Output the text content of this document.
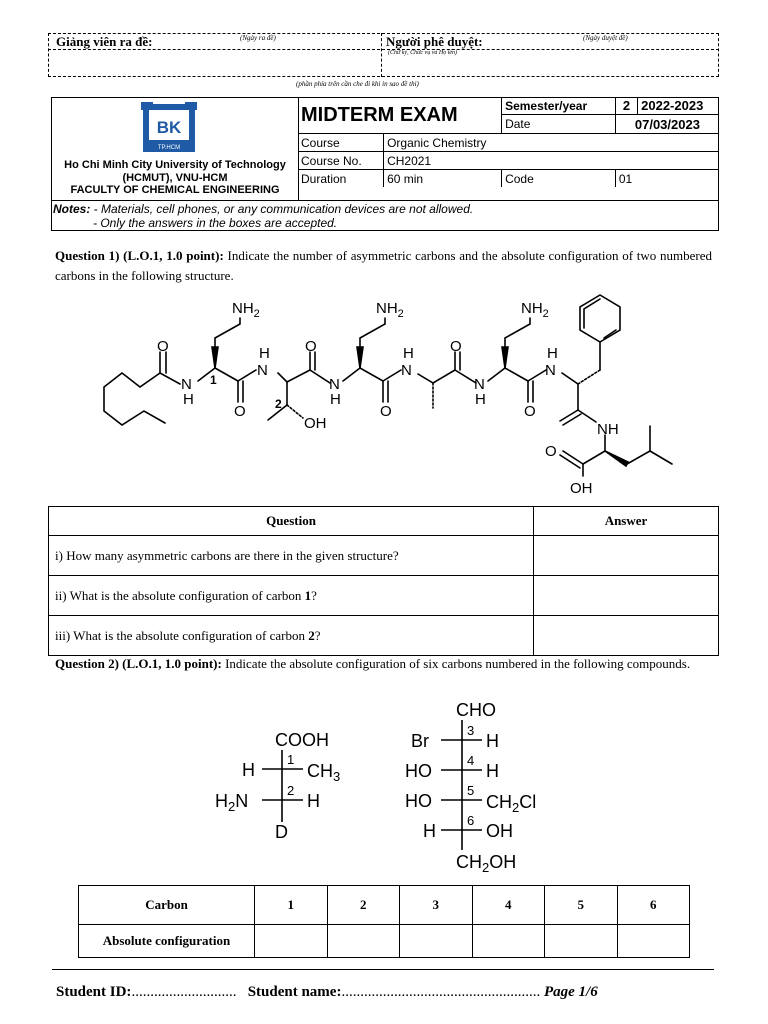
Giảng viên ra đề:	(Ngày ra đề)	Người phê duyệt:
(Chữ ký, Chức vụ và Họ tên)
(Ngày duyệt đề)
(phần phía trên cần che đi khi in sao đề thi)
BK
TP.HCM
Ho Chi Minh City University of Technology
(HCMUT), VNU-HCM
FACULTY OF CHEMICAL ENGINEERING
MIDTERM EXAM		Semester/year	2	2022-2023
		Date	07/03/2023	
Course	Organic Chemistry			
Course No.	CH2021			
Duration	60 min	Code	01	
Notes: - Materials, cell phones, or any communication devices are not allowed.
- Only the answers in the boxes are accepted.

Question 1) (L.O.1, 1.0 point): Indicate the number of asymmetric carbons and the absolute configuration of two numbered carbons in the following structure.

$NH_2$	$NH_2$	$NH_2$
O
N
H
O
H
N
O
OH
N
H
O
H
N
O
N
H
O
H
N
NH
O
OH
1
2
Question	Answer
i) How many asymmetric carbons are there in the given structure?	
ii) What is the absolute configuration of carbon 1?	
iii) What is the absolute configuration of carbon 2?	

Question 2) (L.O.1, 1.0 point): Indicate the absolute configuration of six carbons numbered in the following compounds.

COOH
H	$CH_3$
$H_2N$	H
D
CHO
Br	H
HO	H
HO	$CH_2Cl$
H	OH
$CH_2OH$
1
2
3
4
5
6
Carbon	1	2	3	4	5	6
Absolute configuration						
Student ID:............................ Student name:..................................................... Page 1/6
